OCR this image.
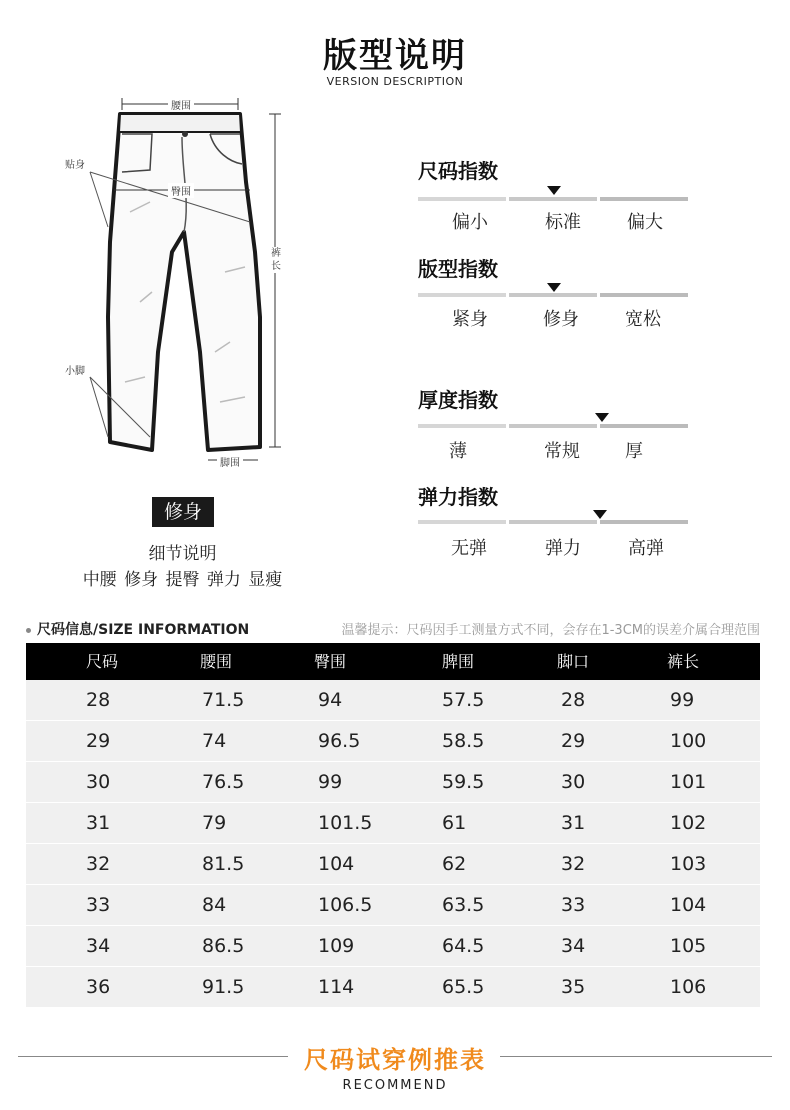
版型说明
VERSION DESCRIPTION
腰围
臀围
贴身
裤长
小脚
脚围
修身
细节说明
中腰 修身 提臀 弹力 显瘦
尺码指数
偏小	标准	偏大
版型指数
紧身	修身	宽松
厚度指数
薄	常规	厚
弹力指数
无弹	弹力	高弹
尺码信息/SIZE INFORMATION	温馨提示：尺码因手工测量方式不同，会存在1-3CM的误差介属合理范围
尺码	腰围	臀围	脾围	脚口	裤长
28	71.5	94	57.5	28	99
29	74	96.5	58.5	29	100
30	76.5	99	59.5	30	101
31	79	101.5	61	31	102
32	81.5	104	62	32	103
33	84	106.5	63.5	33	104
34	86.5	109	64.5	34	105
36	91.5	114	65.5	35	106
尺码试穿例推表
RECOMMEND
